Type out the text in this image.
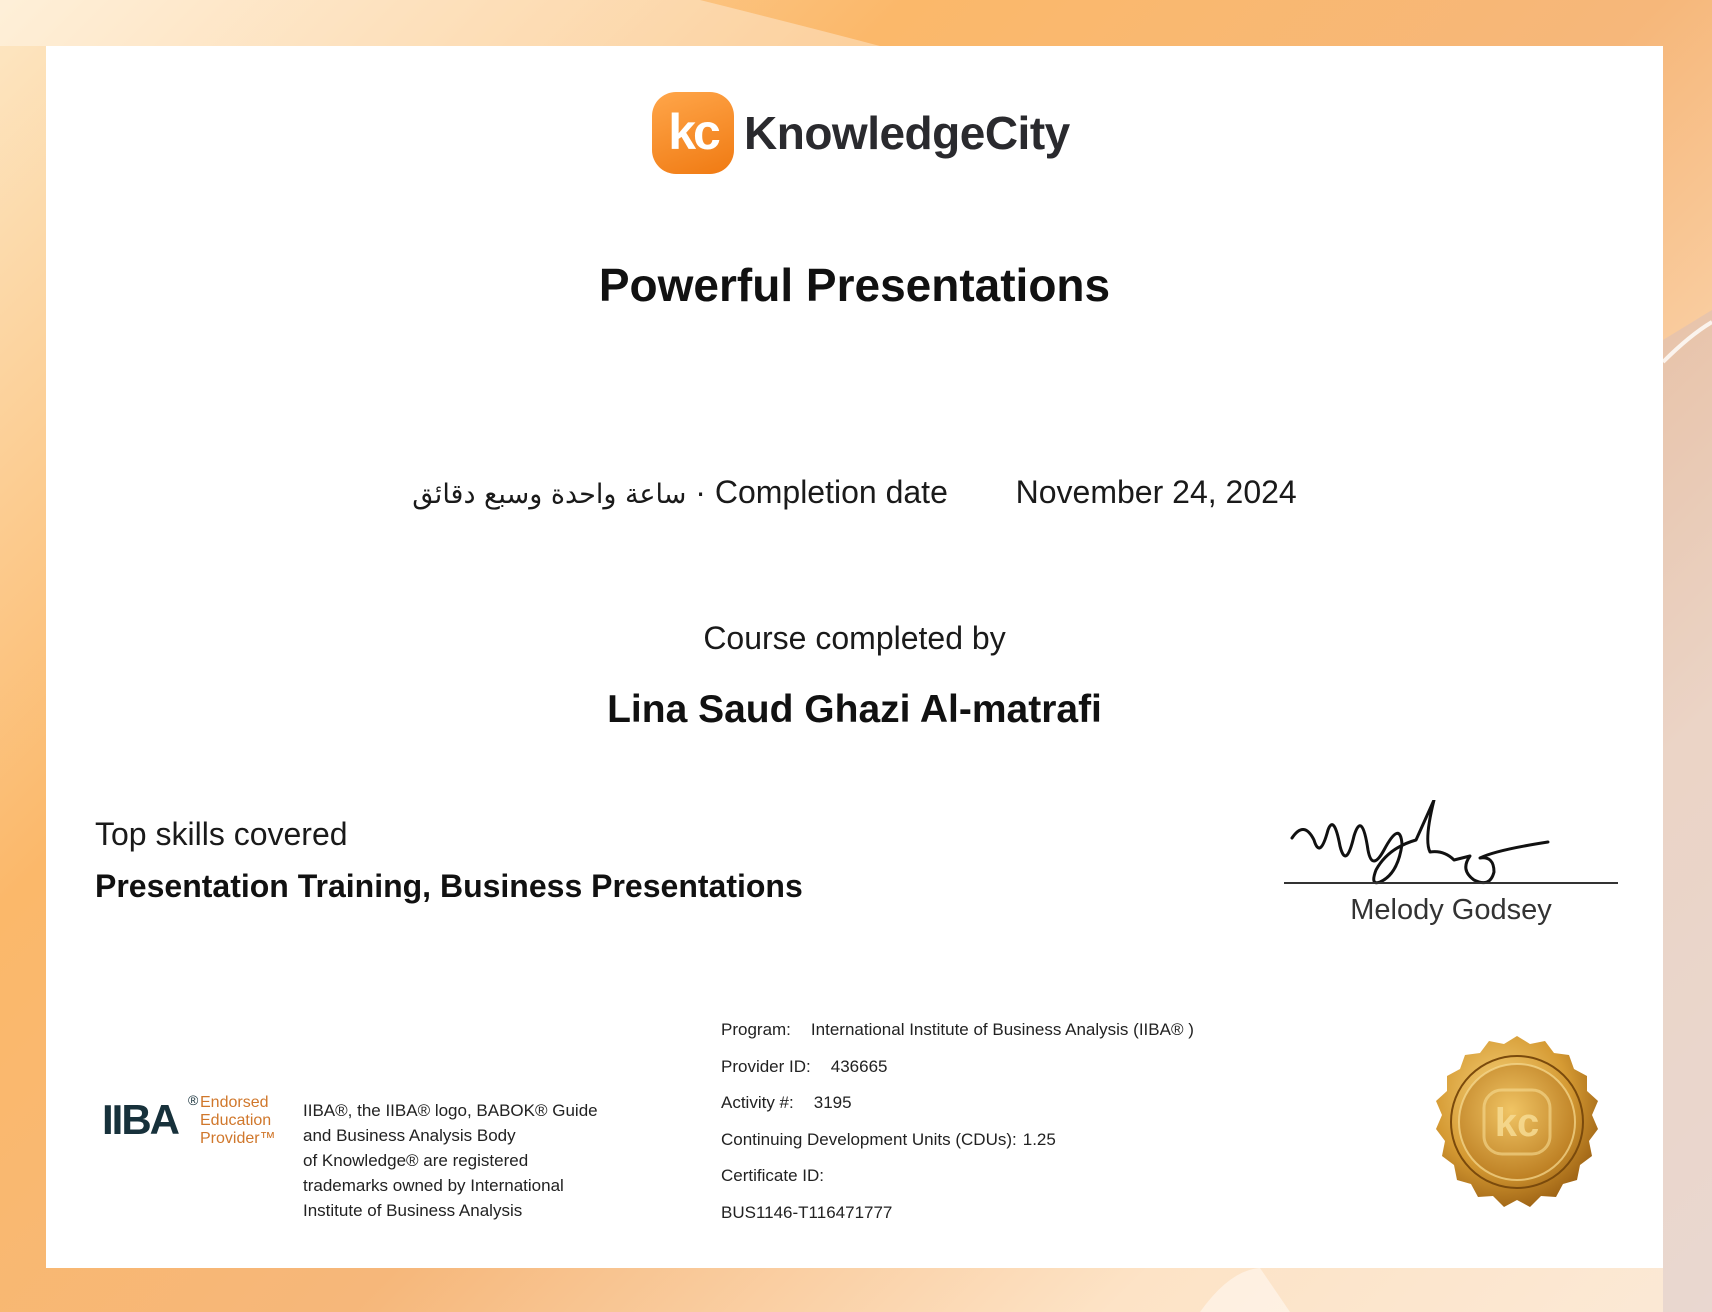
kc KnowledgeCity
Powerful Presentations
ساعة واحدة وسبع دقائق · Completion date November 24, 2024
Course completed by
Lina Saud Ghazi Al-matrafi
Top skills covered
Presentation Training, Business Presentations
Melody Godsey
IIBA ® Endorsed
Education
Provider™
IIBA®, the IIBA® logo, BABOK® Guide
and Business Analysis Body
of Knowledge® are registered
trademarks owned by International
Institute of Business Analysis
Program: International Institute of Business Analysis (IIBA® )
Provider ID: 436665
Activity #: 3195
Continuing Development Units (CDUs): 1.25
Certificate ID:
BUS1146-T116471777
kc
